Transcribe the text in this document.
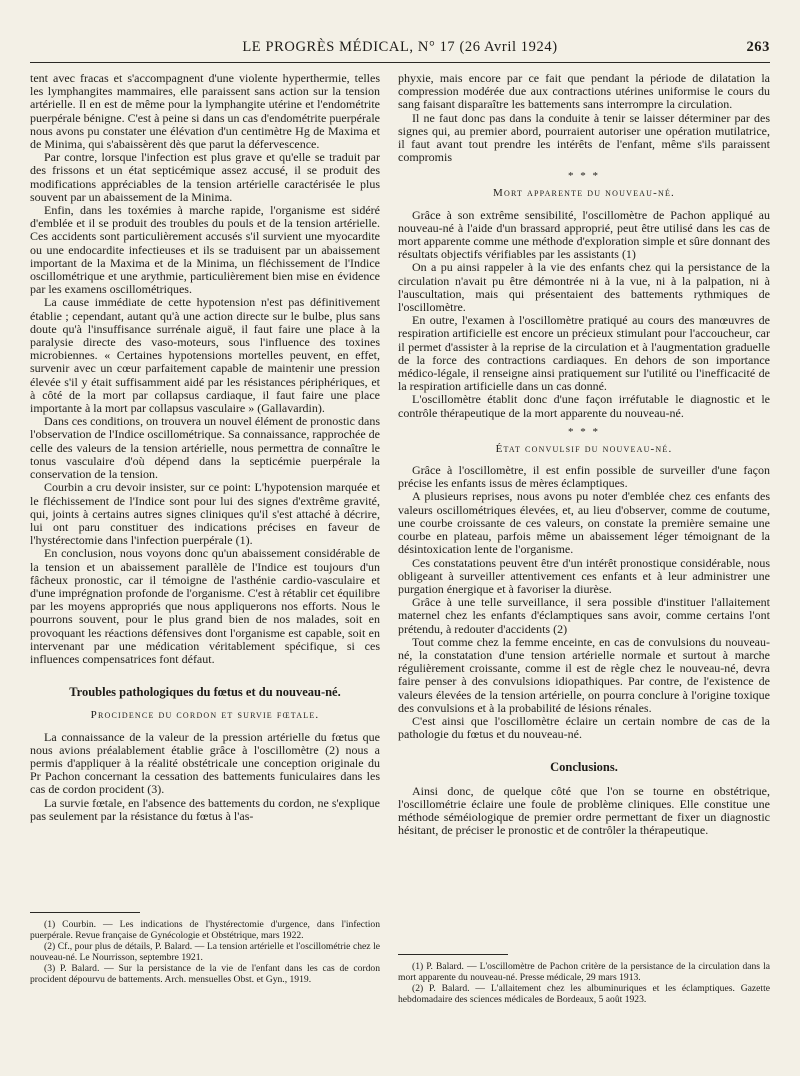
LE PROGRÈS MÉDICAL, N° 17 (26 Avril 1924)	263

tent avec fracas et s'accompagnent d'une violente hyperthermie, telles les lymphangites mammaires, elle paraissent sans action sur la tension artérielle. Il en est de même pour la lymphangite utérine et l'endométrite puerpérale bénigne. C'est à peine si dans un cas d'endométrite puerpérale nous avons pu constater une élévation d'un centimètre Hg de Maxima et de Minima, qui s'abaissèrent dès que parut la défervescence.

Par contre, lorsque l'infection est plus grave et qu'elle se traduit par des frissons et un état septicémique assez accusé, il se produit des modifications appréciables de la tension artérielle caractérisée le plus souvent par un abaissement de la Minima.

Enfin, dans les toxémies à marche rapide, l'organisme est sidéré d'emblée et il se produit des troubles du pouls et de la tension artérielle. Ces accidents sont particulièrement accusés s'il survient une myocardite ou une endocardite infectieuses et ils se traduisent par un abaissement important de la Maxima et de la Minima, un fléchissement de l'Indice oscillométrique et une arythmie, particulièrement bien mise en évidence par les examens oscillométriques.

La cause immédiate de cette hypotension n'est pas définitivement établie ; cependant, autant qu'à une action directe sur le bulbe, plus sans doute qu'à l'insuffisance surrénale aiguë, il faut faire une place à la paralysie directe des vaso-moteurs, sous l'influence des toxines microbiennes. « Certaines hypotensions mortelles peuvent, en effet, survenir avec un cœur parfaitement capable de maintenir une pression élevée s'il y était suffisamment aidé par les résistances périphériques, et à côté de la mort par collapsus cardiaque, il faut faire une place importante à la mort par collapsus vasculaire » (Gallavardin).

Dans ces conditions, on trouvera un nouvel élément de pronostic dans l'observation de l'Indice oscillométrique. Sa connaissance, rapprochée de celle des valeurs de la tension artérielle, nous permettra de connaître le tonus vasculaire d'où dépend dans la septicémie puerpérale la conservation de la tension.

Courbin a cru devoir insister, sur ce point: L'hypotension marquée et le fléchissement de l'Indice sont pour lui des signes d'extrême gravité, qui, joints à certains autres signes cliniques qu'il s'est attaché à décrire, lui ont paru constituer des indications précises en faveur de l'hystérectomie dans l'infection puerpérale (1).

En conclusion, nous voyons donc qu'un abaissement considérable de la tension et un abaissement parallèle de l'Indice est toujours d'un fâcheux pronostic, car il témoigne de l'asthénie cardio-vasculaire et d'une imprégnation profonde de l'organisme. C'est à rétablir cet équilibre par les moyens appropriés que nous appliquerons nos efforts. Nous le pourrons souvent, pour le plus grand bien de nos malades, soit en provoquant les réactions défensives dont l'organisme est capable, soit en intervenant par une médication véritablement spécifique, si ces influences compensatrices font défaut.

Troubles pathologiques du fœtus et du nouveau-né.
Procidence du cordon et survie fœtale.

La connaissance de la valeur de la pression artérielle du fœtus que nous avions préalablement établie grâce à l'oscillomètre (2) nous a permis d'appliquer à la réalité obstétricale une conception originale du Pr Pachon concernant la cessation des battements funiculaires dans les cas de cordon procident (3).

La survie fœtale, en l'absence des battements du cordon, ne s'explique pas seulement par la résistance du fœtus à l'as-

(1) Courbin. — Les indications de l'hystérectomie d'urgence, dans l'infection puerpérale. Revue française de Gynécologie et Obstétrique, mars 1922.

(2) Cf., pour plus de détails, P. Balard. — La tension artérielle et l'oscillométrie chez le nouveau-né. Le Nourrisson, septembre 1921.

(3) P. Balard. — Sur la persistance de la vie de l'enfant dans les cas de cordon procident dépourvu de battements. Arch. mensuelles Obst. et Gyn., 1919.

phyxie, mais encore par ce fait que pendant la période de dilatation la compression modérée due aux contractions utérines uniformise le cours du sang faisant disparaître les battements sans interrompre la circulation.

Il ne faut donc pas dans la conduite à tenir se laisser déterminer par des signes qui, au premier abord, pourraient autoriser une opération mutilatrice, il faut avant tout prendre les intérêts de l'enfant, même s'ils paraissent compromis

* * *
Mort apparente du nouveau-né.

Grâce à son extrême sensibilité, l'oscillomètre de Pachon appliqué au nouveau-né à l'aide d'un brassard approprié, peut être utilisé dans les cas de mort apparente comme une méthode d'exploration simple et sûre donnant des résultats objectifs vérifiables par les assistants (1)

On a pu ainsi rappeler à la vie des enfants chez qui la persistance de la circulation n'avait pu être démontrée ni à la vue, ni à la palpation, ni à l'auscultation, mais qui présentaient des battements rythmiques de l'oscillomètre.

En outre, l'examen à l'oscillomètre pratiqué au cours des manœuvres de respiration artificielle est encore un précieux stimulant pour l'accoucheur, car il permet d'assister à la reprise de la circulation et à l'augmentation graduelle de la force des contractions cardiaques. En dehors de son importance médico-légale, il renseigne ainsi pratiquement sur l'utilité ou l'inefficacité de la respiration artificielle dans un cas donné.

L'oscillomètre établit donc d'une façon irréfutable le diagnostic et le contrôle thérapeutique de la mort apparente du nouveau-né.

* * *
État convulsif du nouveau-né.

Grâce à l'oscillomètre, il est enfin possible de surveiller d'une façon précise les enfants issus de mères éclamptiques.

A plusieurs reprises, nous avons pu noter d'emblée chez ces enfants des valeurs oscillométriques élevées, et, au lieu d'observer, comme de coutume, une courbe croissante de ces valeurs, on constate la première semaine une courbe en plateau, parfois même un abaissement léger témoignant de la désintoxication lente de l'organisme.

Ces constatations peuvent être d'un intérêt pronostique considérable, nous obligeant à surveiller attentivement ces enfants et à leur administrer une purgation énergique et à favoriser la diurèse.

Grâce à une telle surveillance, il sera possible d'instituer l'allaitement maternel chez les enfants d'éclamptiques sans avoir, comme certains l'ont prétendu, à redouter d'accidents (2)

Tout comme chez la femme enceinte, en cas de convulsions du nouveau-né, la constatation d'une tension artérielle normale et surtout à marche régulièrement croissante, comme il est de règle chez le nouveau-né, devra faire penser à des convulsions idiopathiques. Par contre, de l'existence de valeurs élevées de la tension artérielle, on pourra conclure à l'origine toxique des convulsions et à la probabilité de lésions rénales.

C'est ainsi que l'oscillomètre éclaire un certain nombre de cas de la pathologie du fœtus et du nouveau-né.

Conclusions.

Ainsi donc, de quelque côté que l'on se tourne en obstétrique, l'oscillométrie éclaire une foule de problème cliniques. Elle constitue une méthode séméiologique de premier ordre permettant de fixer un diagnostic hésitant, de préciser le pronostic et de contrôler la thérapeutique.

(1) P. Balard. — L'oscillomètre de Pachon critère de la persistance de la circulation dans la mort apparente du nouveau-né. Presse médicale, 29 mars 1913.

(2) P. Balard. — L'allaitement chez les albuminuriques et les éclamptiques. Gazette hebdomadaire des sciences médicales de Bordeaux, 5 août 1923.
